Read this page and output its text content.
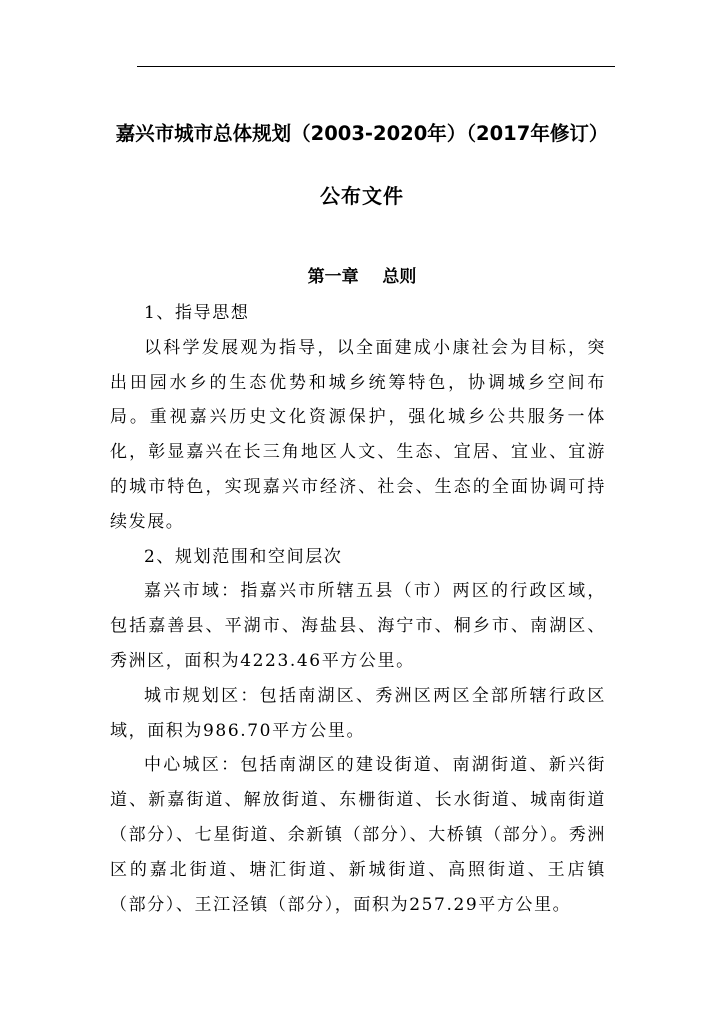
嘉兴市城市总体规划（2003-2020年）（2017年修订）
公布文件
第一章    总则

1、指导思想

以科学发展观为指导，以全面建成小康社会为目标，突出田园水乡的生态优势和城乡统筹特色，协调城乡空间布局。重视嘉兴历史文化资源保护，强化城乡公共服务一体化，彰显嘉兴在长三角地区人文、生态、宜居、宜业、宜游的城市特色，实现嘉兴市经济、社会、生态的全面协调可持续发展。

2、规划范围和空间层次

嘉兴市域：指嘉兴市所辖五县（市）两区的行政区域，包括嘉善县、平湖市、海盐县、海宁市、桐乡市、南湖区、秀洲区，面积为4223.46平方公里。

城市规划区：包括南湖区、秀洲区两区全部所辖行政区域，面积为986.70平方公里。

中心城区：包括南湖区的建设街道、南湖街道、新兴街道、新嘉街道、解放街道、东栅街道、长水街道、城南街道（部分）、七星街道、余新镇（部分）、大桥镇（部分）。秀洲区的嘉北街道、塘汇街道、新城街道、高照街道、王店镇（部分）、王江泾镇（部分），面积为257.29平方公里。
